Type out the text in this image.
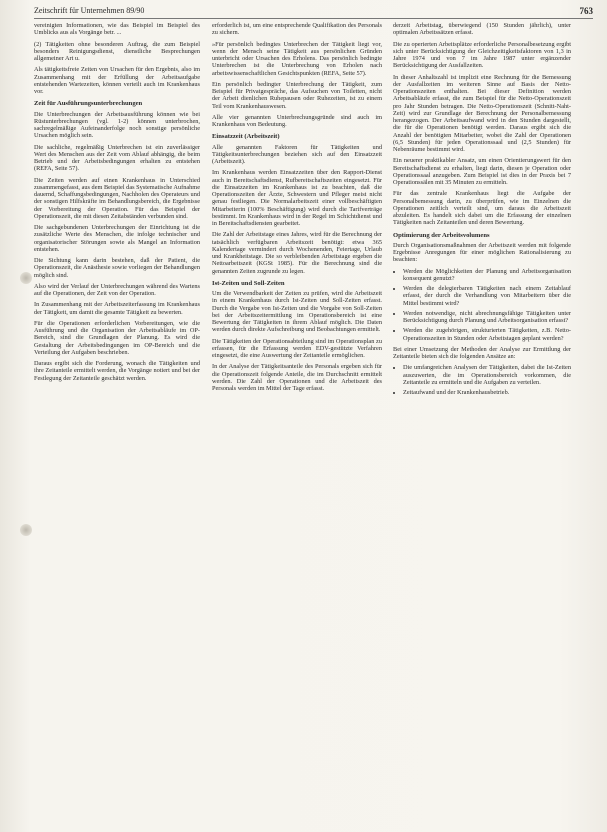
Zeitschrift für Unternehmen 89/90	763

vereinigten Informationen, wie das Beispiel im Beispiel des Umblicks aus als Vorgänge betr. ...

(2) Tätigkeiten ohne besonderen Auftrag, die zum Beispiel besonders Reinigungsdienst, dienstliche Besprechungen allgemeiner Art u.

Als tätigkeitsfreie Zeiten von Ursachen für den Ergebnis, also im Zusammenhang mit der Erfüllung der Arbeitsaufgabe entstehenden Wartezeiten, können verteilt auch im Krankenhaus vor.

Zeit für Ausführungsunterbrechungen

Die Unterbrechungen der Arbeitsausführung können wie bei Rüstunterbrechungen (vgl. 1-2) können unterbrochen, sachregelmäßige Aufeinanderfolge noch sonstige persönliche Ursachen möglich sein.

Die sachliche, regelmäßig Unterbrechen ist ein zuverlässiger Wert des Menschen aus der Zeit vom Ablauf abhängig, die beim Betrieb und der Arbeitsbedingungen erhalten zu entstehen (REFA, Seite 57).

Die Zeiten werden auf einen Krankenhaus in Unterschied zusammengefasst, aus dem Beispiel das Systematische Aufnahme dauernd, Schaffungsbedingungen, Nachholen des Operateurs und der sonstigen Hilfskräfte im Behandlungsbereich, die Ergebnisse der Vorbereitung der Operation. Für das Beispiel der Operationszeit, die mit diesen Zeitabständen verbunden sind.

Die sachgebundenen Unterbrechungen der Einrichtung ist die zusätzliche Werte des Menschen, die infolge technischer und organisatorischer Störungen sowie als Mangel an Information entstehen.

Die Sichtung kann darin bestehen, daß der Patient, die Operationszeit, die Anästhesie sowie vorliegen der Behandlungen möglich sind.

Also wird der Verlauf der Unterbrechungen während des Wartens auf die Operationen, der Zeit von der Operation.

In Zusammenhang mit der Arbeitszeiterfassung im Krankenhaus der Tätigkeit, um damit die gesamte Tätigkeit zu bewerten.

Für die Operationen erforderlichen Vorbereitungen, wie die Ausführung und die Organisation der Arbeitsabläufe im OP-Bereich, sind die Grundlagen der Planung. Es wird die Gestaltung der Arbeitsbedingungen im OP-Bereich und die Verteilung der Aufgaben beschrieben.

Daraus ergibt sich die Forderung, wonach die Tätigkeiten und ihre Zeitanteile ermittelt werden, die Vorgänge notiert und bei der Festlegung der Zeitanteile geschätzt werden.

erforderlich ist, um eine entsprechende Qualifikation des Personals zu sichern.

»Für persönlich bedingtes Unterbrechen der Tätigkeit liegt vor, wenn der Mensch seine Tätigkeit aus persönlichen Gründen unterbricht oder Ursachen des Erholens. Das persönlich bedingte Unterbrechen ist die Unterbrechung von Erholen nach arbeitswissenschaftlichen Gesichtspunkten (REFA, Seite 57).

Ein persönlich bedingter Unterbrechung der Tätigkeit, zum Beispiel für Privatgespräche, das Aufsuchen von Toiletten, nicht der Arbeit dienlichen Ruhepausen oder Ruhezeiten, ist zu einem Teil vom Krankenhauswesen.

Alle vier genannten Unterbrechungsgründe sind auch im Krankenhaus von Bedeutung.

Einsatzzeit (Arbeitszeit)

Alle genannten Faktoren für Tätigkeiten und Tätigkeitsunterbrechungen beziehen sich auf den Einsatzzeit (Arbeitszeit).

Im Krankenhaus werden Einsatzzeiten über den Rapport-Dienst auch in Bereitschaftsdienst, Rufbereitschaftszeiten eingesetzt. Für die Einsatzzeiten im Krankenhaus ist zu beachten, daß die Operationszeiten der Ärzte, Schwestern und Pfleger meist nicht genau festliegen. Die Normalarbeitszeit einer vollbeschäftigten Mitarbeiterin (100% Beschäftigung) wird durch die Tarifverträge bestimmt. Im Krankenhaus wird in der Regel im Schichtdienst und in Bereitschaftsdiensten gearbeitet.

Die Zahl der Arbeitstage eines Jahres, wird für die Berechnung der tatsächlich verfügbaren Arbeitszeit benötigt: etwa 365 Kalendertage vermindert durch Wochenenden, Feiertage, Urlaub und Krankheitstage. Die so verbleibenden Arbeitstage ergeben die Nettoarbeitszeit (KGSt 1985). Für die Berechnung sind die genannten Zeiten zugrunde zu legen.

Ist-Zeiten und Soll-Zeiten

Um die Verwendbarkeit der Zeiten zu prüfen, wird die Arbeitszeit in einem Krankenhaus durch Ist-Zeiten und Soll-Zeiten erfasst. Durch die Vergabe von Ist-Zeiten und die Vorgabe von Soll-Zeiten bei der Arbeitszeitermittlung im Operationsbereich ist eine Bewertung der Tätigkeiten in ihrem Ablauf möglich. Die Daten werden durch direkte Aufschreibung und Beobachtungen ermittelt.

Die Tätigkeiten der Operationsabteilung sind im Operationsplan zu erfassen, für die Erfassung werden EDV-gestützte Verfahren eingesetzt, die eine Auswertung der Zeitanteile ermöglichen.

In der Analyse der Tätigkeitsanteile des Personals ergeben sich für die Operationszeit folgende Anteile, die im Durchschnitt ermittelt werden. Die Zahl der Operationen und die Arbeitszeit des Personals werden im Mittel der Tage erfasst.

derzeit Arbeitstag, überwiegend (150 Stunden jährlich), unter optimalen Arbeitssätzen erfasst.

Die zu operierten Arbeitsplätze erforderliche Personalbesetzung ergibt sich unter Berücksichtigung der Gleichzeitigkeitsfaktoren von 1,3 in Jahre 1974 und von 7 im Jahre 1987 unter ergänzender Berücksichtigung der Ausfallzeiten.

In dieser Anhaltszahl ist implizit eine Rechnung für die Bemessung der Ausfallzeiten im weiteren Sinne auf Basis der Netto-Operationszeiten enthalten. Bei dieser Definition werden Arbeitsabläufe erfasst, die zum Beispiel für die Netto-Operationszeit pro Jahr Stunden betragen. Die Netto-Operationszeit (Schnitt-Naht-Zeit) wird zur Grundlage der Berechnung der Personalbemessung herangezogen. Der Arbeitsaufwand wird in den Stunden dargestellt, die für die Operationen benötigt werden. Daraus ergibt sich die Anzahl der benötigten Mitarbeiter, wobei die Zahl der Operationen (6,5 Stunden) für jeden Operationssaal und (2,5 Stunden) für Nebenräume bestimmt wird.

Ein neuerer praktikabler Ansatz, um einen Orientierungswert für den Bereitschaftsdienst zu erhalten, liegt darin, diesen je Operation oder Operationssaal anzugeben. Zum Beispiel ist dies in der Praxis bei 7 Operationssälen mit 35 Minuten zu ermitteln.

Für das zentrale Krankenhaus liegt die Aufgabe der Personalbemessung darin, zu überprüfen, wie im Einzelnen die Operationen zeitlich verteilt sind, um daraus die Arbeitszeit abzuleiten. Es handelt sich dabei um die Erfassung der einzelnen Tätigkeiten nach Zeitanteilen und deren Bewertung.

Optimierung der Arbeitsvolumens

Durch Organisationsmaßnahmen der Arbeitszeit werden mit folgende Ergebnisse Anregungen für einer möglichen Rationalisierung zu beachten:

• Werden die Möglichkeiten der Planung und Arbeitsorganisation konsequent genutzt?
• Werden die delegierbaren Tätigkeiten nach einem Zeitablauf erfasst, der durch die Verhandlung von Mitarbeitern über die Mittel bestimmt wird?
• Werden notwendige, nicht abrechnungsfähige Tätigkeiten unter Berücksichtigung durch Planung und Arbeitsorganisation erfasst?
• Werden die zugehörigen, strukturierten Tätigkeiten, z.B. Netto-Operationszeiten in Stunden oder Arbeitstagen geplant werden?

Bei einer Umsetzung der Methoden der Analyse zur Ermittlung der Zeitanteile bieten sich die folgenden Ansätze an:

• Die umfangreichen Analysen der Tätigkeiten, dabei die Ist-Zeiten auszuwerten, die im Operationsbereich vorkommen, die Zeitanteile zu ermitteln und die Aufgaben zu verteilen.
• Zeitaufwand und der Krankenhausbetrieb.
